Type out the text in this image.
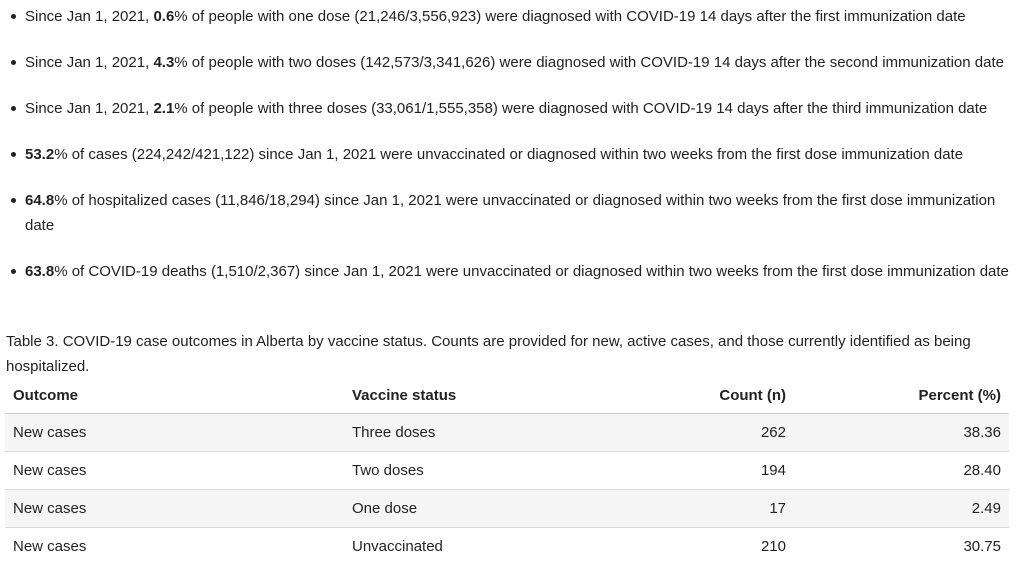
Since Jan 1, 2021, 0.6% of people with one dose (21,246/3,556,923) were diagnosed with COVID-19 14 days after the first immunization date
Since Jan 1, 2021, 4.3% of people with two doses (142,573/3,341,626) were diagnosed with COVID-19 14 days after the second immunization date
Since Jan 1, 2021, 2.1% of people with three doses (33,061/1,555,358) were diagnosed with COVID-19 14 days after the third immunization date
53.2% of cases (224,242/421,122) since Jan 1, 2021 were unvaccinated or diagnosed within two weeks from the first dose immunization date
64.8% of hospitalized cases (11,846/18,294) since Jan 1, 2021 were unvaccinated or diagnosed within two weeks from the first dose immunization date
63.8% of COVID-19 deaths (1,510/2,367) since Jan 1, 2021 were unvaccinated or diagnosed within two weeks from the first dose immunization date
Table 3. COVID-19 case outcomes in Alberta by vaccine status. Counts are provided for new, active cases, and those currently identified as being hospitalized.
Outcome	Vaccine status	Count (n)	Percent (%)
New cases	Three doses	262	38.36
New cases	Two doses	194	28.40
New cases	One dose	17	2.49
New cases	Unvaccinated	210	30.75
